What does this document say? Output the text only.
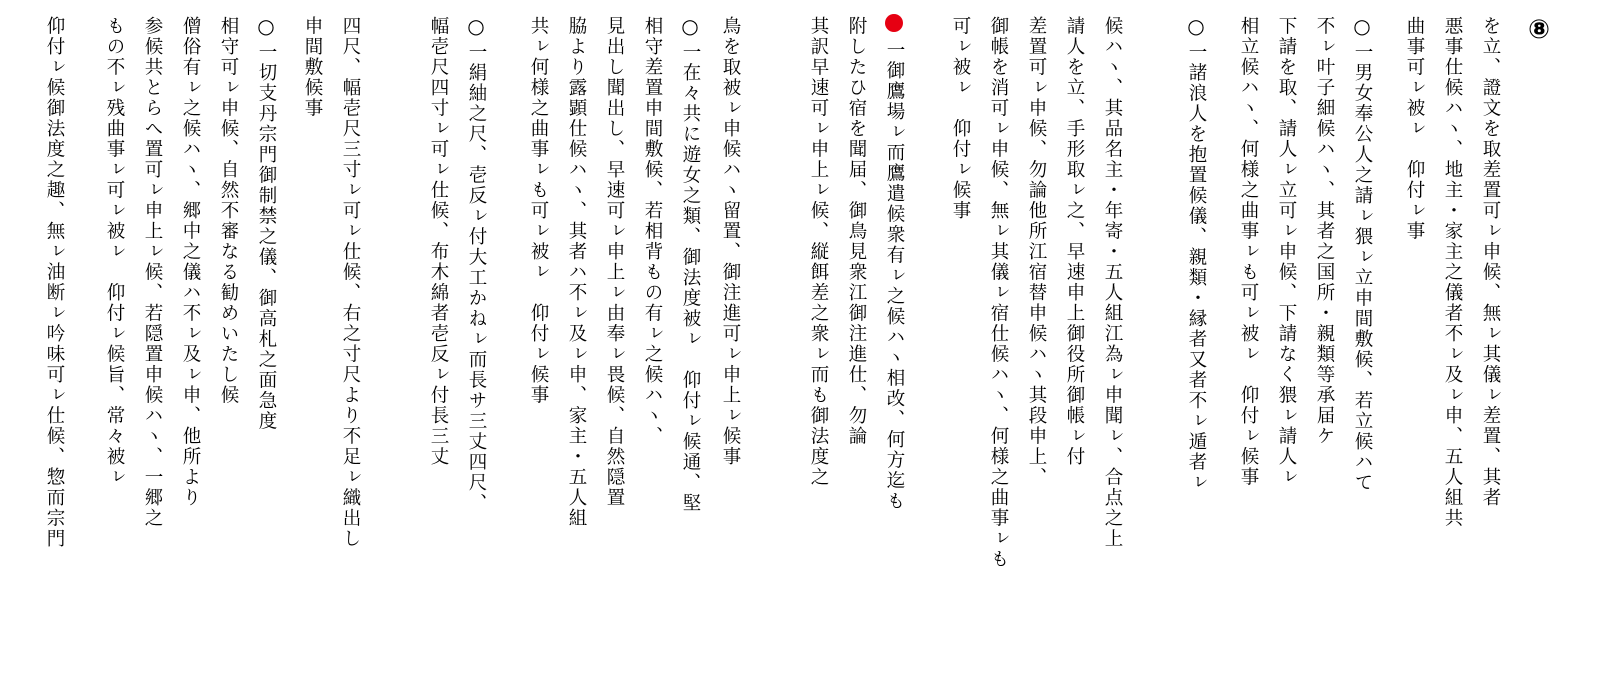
⑧
を立、證文を取差置可ㇾ申候、無ㇾ其儀ㇾ差置、其者
悪事仕候ハヽ、地主・家主之儀者不ㇾ及ㇾ申、五人組共
曲事可ㇾ被ㇾ　仰付ㇾ事
○一男女奉公人之請ㇾ猥ㇾ立申間敷候、若立候ハて
不ㇾ叶子細候ハヽ、其者之国所・親類等承届ケ
下請を取、請人ㇾ立可ㇾ申候、下請なく猥ㇾ請人ㇾ
相立候ハヽ、何様之曲事ㇾも可ㇾ被ㇾ　仰付ㇾ候事
○一諸浪人を抱置候儀、親類・縁者又者不ㇾ遁者ㇾ
候ハヽ、其品名主・年寄・五人組江為ㇾ申聞ㇾ、合点之上
請人を立、手形取ㇾ之、早速申上御役所御帳ㇾ付
差置可ㇾ申候、勿論他所江宿替申候ハヽ其段申上、
御帳を消可ㇾ申候、無ㇾ其儀ㇾ宿仕候ハヽ、何様之曲事ㇾも
可ㇾ被ㇾ　仰付ㇾ候事
一御鷹場ㇾ而鷹遣候衆有ㇾ之候ハヽ相改、何方迄も
附したひ宿を聞届、御鳥見衆江御注進仕、勿論
其訳早速可ㇾ申上ㇾ候、縦餌差之衆ㇾ而も御法度之
鳥を取被ㇾ申候ハヽ留置、御注進可ㇾ申上ㇾ候事
○一在々共に遊女之類、御法度被ㇾ　仰付ㇾ候通、堅
相守差置申間敷候、若相背もの有ㇾ之候ハヽ、
見出し聞出し、早速可ㇾ申上ㇾ由奉ㇾ畏候、自然隠置
脇より露顕仕候ハヽ、其者ハ不ㇾ及ㇾ申、家主・五人組
共ㇾ何様之曲事ㇾも可ㇾ被ㇾ　仰付ㇾ候事
○一絹紬之尺、壱反ㇾ付大工かねㇾ而長サ三丈四尺、
幅壱尺四寸ㇾ可ㇾ仕候、布木綿者壱反ㇾ付長三丈
四尺、幅壱尺三寸ㇾ可ㇾ仕候、右之寸尺より不足ㇾ織出し
申間敷候事
○一切支丹宗門御制禁之儀、御高札之面急度
相守可ㇾ申候、自然不審なる勧めいたし候
僧俗有ㇾ之候ハヽ、郷中之儀ハ不ㇾ及ㇾ申、他所より
参候共とらへ置可ㇾ申上ㇾ候、若隠置申候ハヽ、一郷之
もの不ㇾ残曲事ㇾ可ㇾ被ㇾ　仰付ㇾ候旨、常々被ㇾ
仰付ㇾ候御法度之趣、無ㇾ油断ㇾ吟味可ㇾ仕候、惣而宗門
